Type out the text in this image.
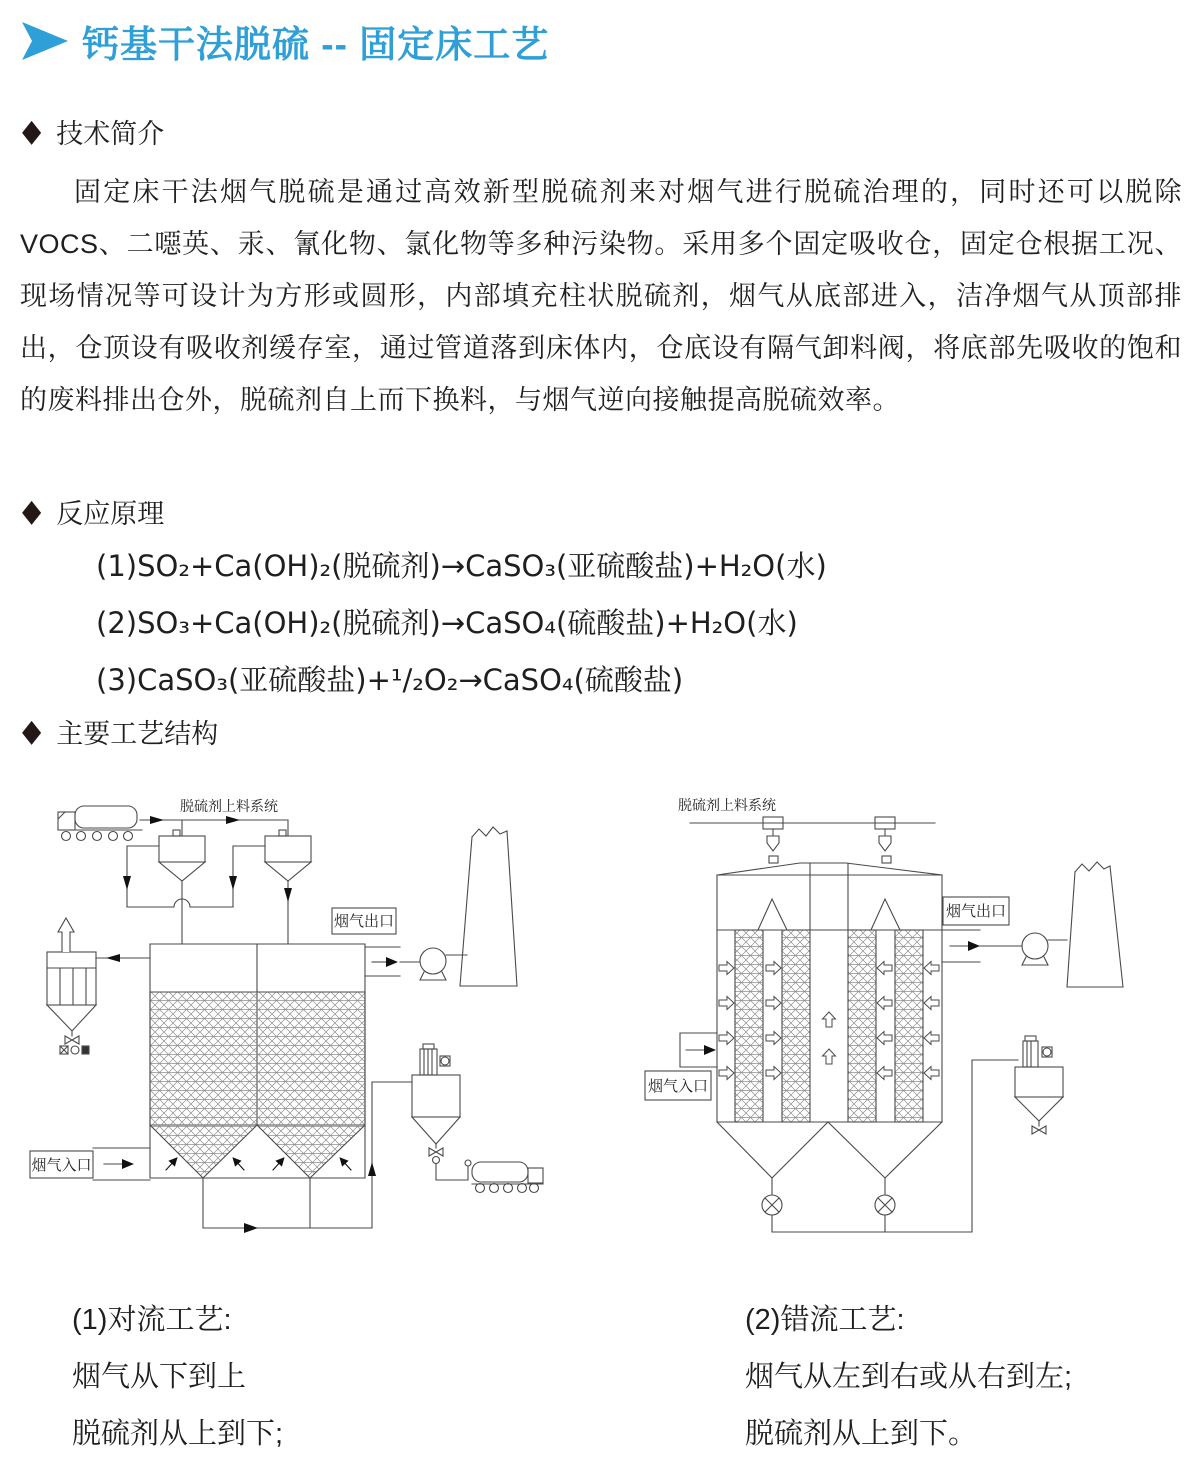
钙基干法脱硫 -- 固定床工艺
◆ 技术简介

固定床干法烟气脱硫是通过高效新型脱硫剂来对烟气进行脱硫治理的，同时还可以脱除 VOCS、二噁英、汞、氰化物、氯化物等多种污染物。采用多个固定吸收仓，固定仓根据工况、现场情况等可设计为方形或圆形，内部填充柱状脱硫剂，烟气从底部进入，洁净烟气从顶部排出，仓顶设有吸收剂缓存室，通过管道落到床体内，仓底设有隔气卸料阀，将底部先吸收的饱和的废料排出仓外，脱硫剂自上而下换料，与烟气逆向接触提高脱硫效率。

◆ 反应原理
(1)SO₂+Ca(OH)₂(脱硫剂)→CaSO₃(亚硫酸盐)+H₂O(水)
(2)SO₃+Ca(OH)₂(脱硫剂)→CaSO₄(硫酸盐)+H₂O(水)
(3)CaSO₃(亚硫酸盐)+¹/₂O₂→CaSO₄(硫酸盐)
◆ 主要工艺结构
脱硫剂上料系统
烟气出口
烟气入口
脱硫剂上料系统
烟气出口
烟气入口
(1)对流工艺:
烟气从下到上
脱硫剂从上到下;
(2)错流工艺:
烟气从左到右或从右到左;
脱硫剂从上到下。
